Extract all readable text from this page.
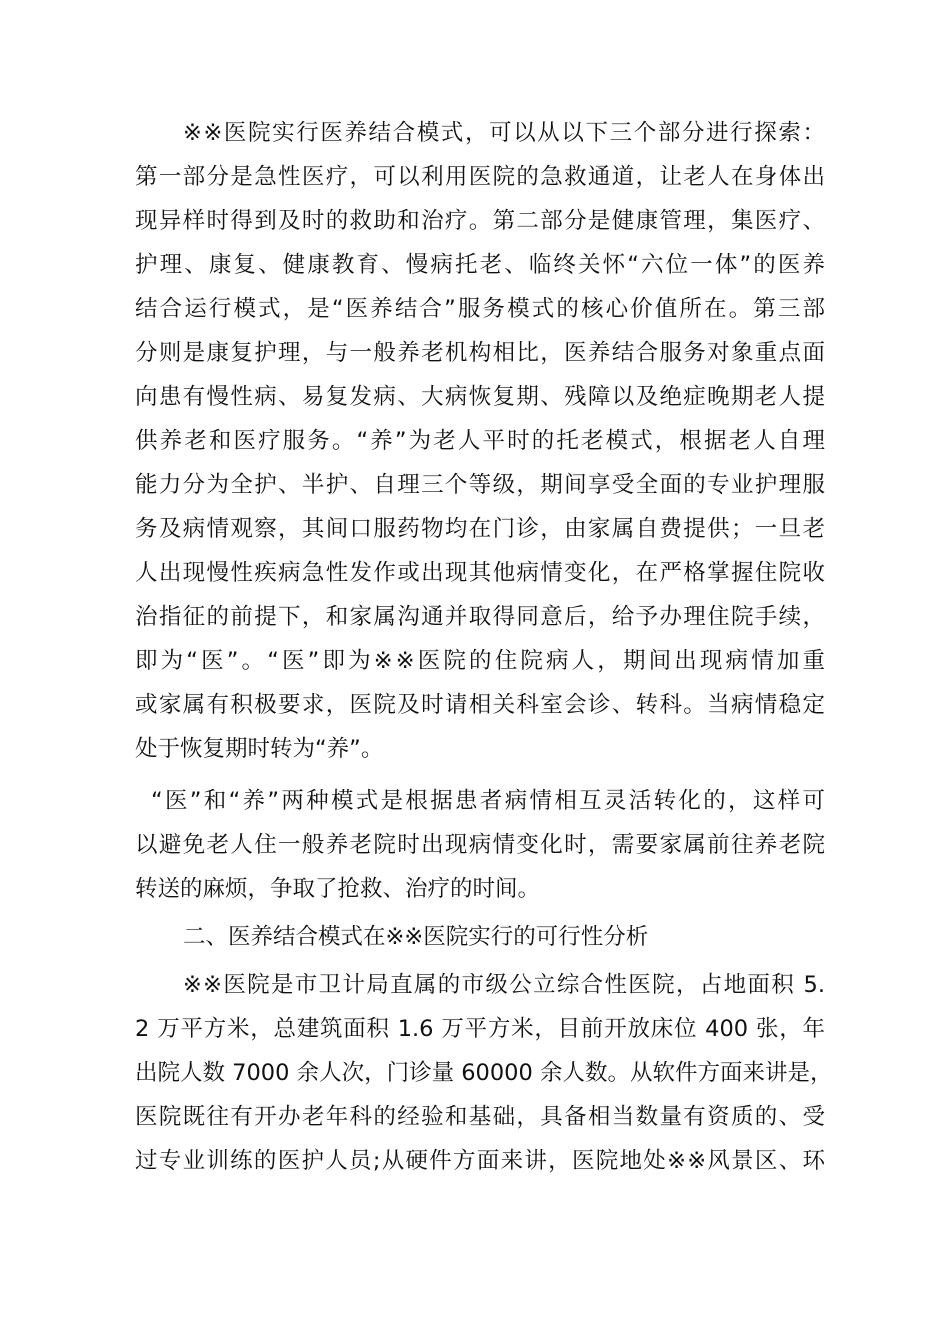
※※医院实行医养结合模式，可以从以下三个部分进行探索：
第一部分是急性医疗，可以利用医院的急救通道，让老人在身体出
现异样时得到及时的救助和治疗。第二部分是健康管理，集医疗、
护理、康复、健康教育、慢病托老、临终关怀“六位一体”的医养
结合运行模式，是“医养结合”服务模式的核心价值所在。第三部
分则是康复护理，与一般养老机构相比，医养结合服务对象重点面
向患有慢性病、易复发病、大病恢复期、残障以及绝症晚期老人提
供养老和医疗服务。“养”为老人平时的托老模式，根据老人自理
能力分为全护、半护、自理三个等级，期间享受全面的专业护理服
务及病情观察，其间口服药物均在门诊，由家属自费提供；一旦老
人出现慢性疾病急性发作或出现其他病情变化，在严格掌握住院收
治指征的前提下，和家属沟通并取得同意后，给予办理住院手续，
即为“医”。“医”即为※※医院的住院病人，期间出现病情加重
或家属有积极要求，医院及时请相关科室会诊、转科。当病情稳定
处于恢复期时转为“养”。
“医”和“养”两种模式是根据患者病情相互灵活转化的，这样可
以避免老人住一般养老院时出现病情变化时，需要家属前往养老院
转送的麻烦，争取了抢救、治疗的时间。
二、医养结合模式在※※医院实行的可行性分析
※※医院是市卫计局直属的市级公立综合性医院，占地面积 5.
2 万平方米，总建筑面积 1.6 万平方米，目前开放床位 400 张，年
出院人数 7000 余人次，门诊量 60000 余人数。从软件方面来讲是，
医院既往有开办老年科的经验和基础，具备相当数量有资质的、受
过专业训练的医护人员;从硬件方面来讲，医院地处※※风景区、环
